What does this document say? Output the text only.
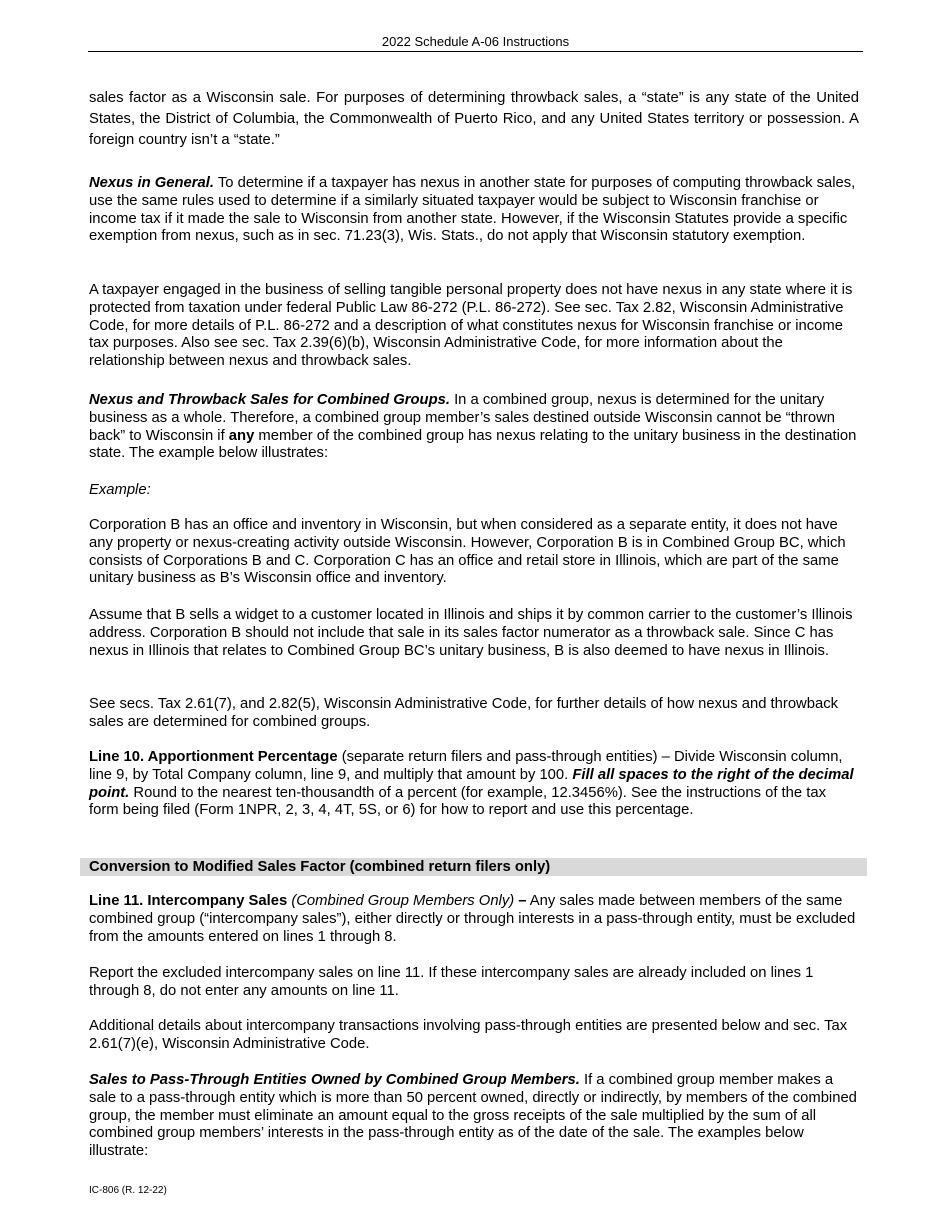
2022 Schedule A-06 Instructions

sales factor as a Wisconsin sale. For purposes of determining throwback sales, a “state” is any state of the United States, the District of Columbia, the Commonwealth of Puerto Rico, and any United States territory or possession. A foreign country isn’t a “state.”

Nexus in General. To determine if a taxpayer has nexus in another state for purposes of computing throwback sales, use the same rules used to determine if a similarly situated taxpayer would be subject to Wisconsin franchise or income tax if it made the sale to Wisconsin from another state. However, if the Wisconsin Statutes provide a specific exemption from nexus, such as in sec. 71.23(3), Wis. Stats., do not apply that Wisconsin statutory exemption.

A taxpayer engaged in the business of selling tangible personal property does not have nexus in any state where it is protected from taxation under federal Public Law 86-272 (P.L. 86-272). See sec. Tax 2.82, Wisconsin Administrative Code, for more details of P.L. 86-272 and a description of what constitutes nexus for Wisconsin franchise or income tax purposes. Also see sec. Tax 2.39(6)(b), Wisconsin Administrative Code, for more information about the relationship between nexus and throwback sales.

Nexus and Throwback Sales for Combined Groups. In a combined group, nexus is determined for the unitary business as a whole. Therefore, a combined group member’s sales destined outside Wisconsin cannot be “thrown back” to Wisconsin if any member of the combined group has nexus relating to the unitary business in the destination state. The example below illustrates:

Example:

Corporation B has an office and inventory in Wisconsin, but when considered as a separate entity, it does not have any property or nexus-creating activity outside Wisconsin. However, Corporation B is in Combined Group BC, which consists of Corporations B and C. Corporation C has an office and retail store in Illinois, which are part of the same unitary business as B’s Wisconsin office and inventory.

Assume that B sells a widget to a customer located in Illinois and ships it by common carrier to the customer’s Illinois address. Corporation B should not include that sale in its sales factor numerator as a throwback sale. Since C has nexus in Illinois that relates to Combined Group BC’s unitary business, B is also deemed to have nexus in Illinois.

See secs. Tax 2.61(7), and 2.82(5), Wisconsin Administrative Code, for further details of how nexus and throwback sales are determined for combined groups.

Line 10. Apportionment Percentage (separate return filers and pass-through entities) – Divide Wisconsin column, line 9, by Total Company column, line 9, and multiply that amount by 100. Fill all spaces to the right of the decimal point. Round to the nearest ten-thousandth of a percent (for example, 12.3456%). See the instructions of the tax form being filed (Form 1NPR, 2, 3, 4, 4T, 5S, or 6) for how to report and use this percentage.

Conversion to Modified Sales Factor (combined return filers only)

Line 11. Intercompany Sales (Combined Group Members Only) – Any sales made between members of the same combined group (“intercompany sales”), either directly or through interests in a pass-through entity, must be excluded from the amounts entered on lines 1 through 8.

Report the excluded intercompany sales on line 11. If these intercompany sales are already included on lines 1 through 8, do not enter any amounts on line 11.

Additional details about intercompany transactions involving pass-through entities are presented below and sec. Tax 2.61(7)(e), Wisconsin Administrative Code.

Sales to Pass-Through Entities Owned by Combined Group Members. If a combined group member makes a sale to a pass-through entity which is more than 50 percent owned, directly or indirectly, by members of the combined group, the member must eliminate an amount equal to the gross receipts of the sale multiplied by the sum of all combined group members’ interests in the pass-through entity as of the date of the sale. The examples below illustrate:

IC-806 (R. 12-22)
